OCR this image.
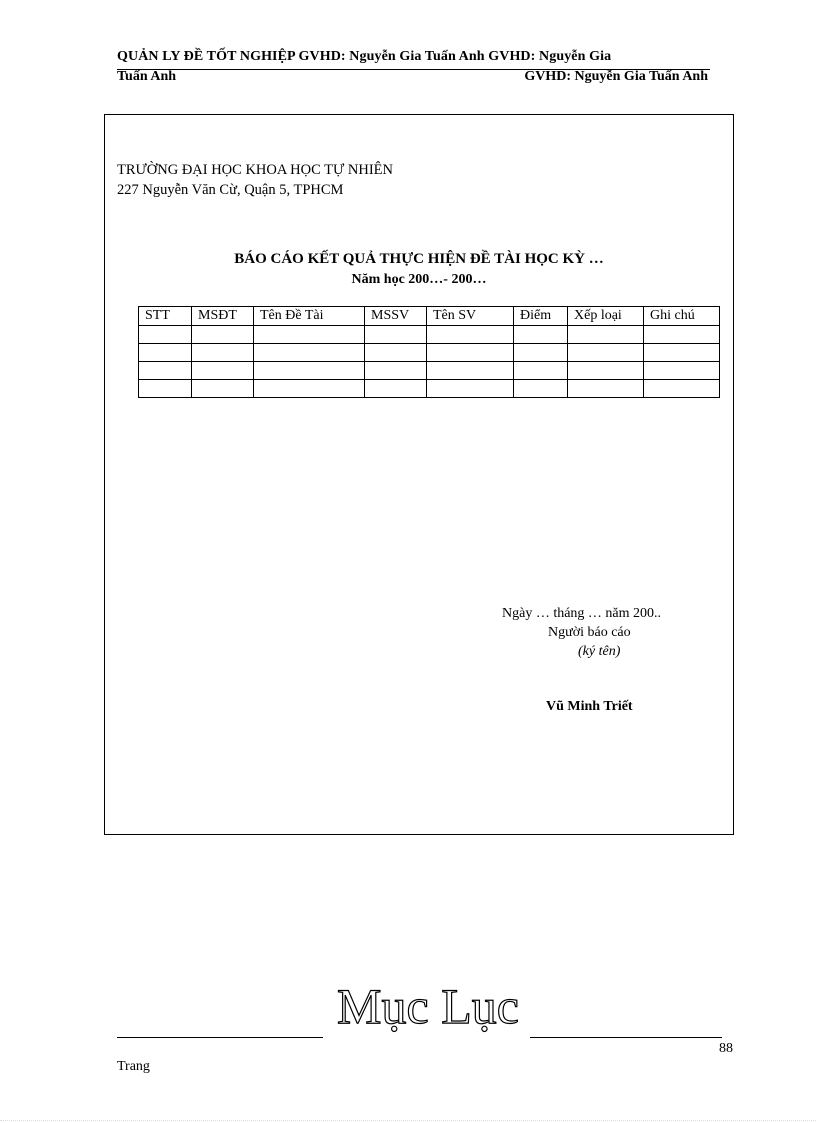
QUẢN LY ĐỀ TỐT NGHIỆP GVHD: Nguyễn Gia Tuấn Anh GVHD: Nguyễn Gia
Tuấn Anh	GVHD: Nguyễn Gia Tuấn Anh
TRƯỜNG ĐẠI HỌC KHOA HỌC TỰ NHIÊN
227 Nguyễn Văn Cừ, Quận 5, TPHCM
BÁO CÁO KẾT QUẢ THỰC HIỆN ĐỀ TÀI HỌC KỲ …
Năm học 200…- 200…
STT	MSĐT	Tên Đề Tài	MSSV	Tên SV	Điểm	Xếp loại	Ghi chú

Ngày … tháng … năm 200..
Người báo cáo
(ký tên)
Vũ Minh Triết
Mục Lục
88
Trang
